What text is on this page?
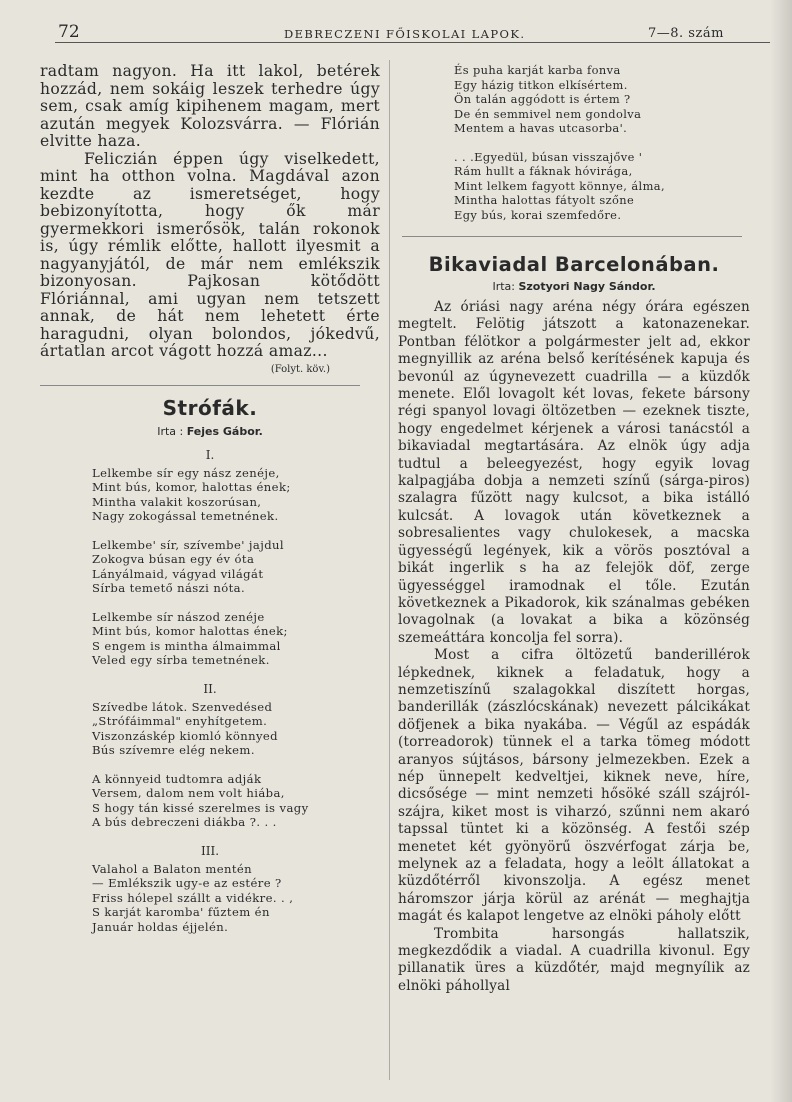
72	DEBRECZENI FŐISKOLAI LAPOK.	7—8. szám

radtam nagyon. Ha itt lakol, betérek hozzád, nem sokáig leszek terhedre úgy sem, csak amíg kipihenem magam, mert azután megyek Kolozsvárra. — Flórián elvitte haza.

Feliczián éppen úgy viselkedett, mint ha otthon volna. Magdával azon kezdte az ismeretséget, hogy bebizonyította, hogy ők már gyermekkori ismerősök, talán rokonok is, úgy rémlik előtte, hallott ilyesmit a nagyanyjától, de már nem emlékszik bizonyosan. Pajkosan kötődött Flóriánnal, ami ugyan nem tetszett annak, de hát nem lehetett érte haragudni, olyan bolondos, jókedvű, ártatlan arcot vágott hozzá amaz...

(Folyt. köv.)
Strófák.
Irta : Fejes Gábor.
I.
Lelkembe sír egy nász zenéje,
Mint bús, komor, halottas ének;
Mintha valakit koszorúsan,
Nagy zokogással temetnének.
Lelkembe' sír, szívembe' jajdul
Zokogva búsan egy év óta
Lányálmaid, vágyad világát
Sírba temető nászi nóta.
Lelkembe sír nászod zenéje
Mint bús, komor halottas ének;
S engem is mintha álmaimmal
Veled egy sírba temetnének.
II.
Szívedbe látok. Szenvedésed
„Strófáimmal" enyhítgetem.
Viszonzáskép kiomló könnyed
Bús szívemre elég nekem.
A könnyeid tudtomra adják
Versem, dalom nem volt hiába,
S hogy tán kissé szerelmes is vagy
A bús debreczeni diákba ?. . .
III.
Valahol a Balaton mentén
— Emlékszik ugy-e az estére ?
Friss hólepel szállt a vidékre. . ,
S karját karomba' fűztem én
Január holdas éjjelén.
És puha karját karba fonva
Egy házig titkon elkísértem.
Ön talán aggódott is értem ?
De én semmivel nem gondolva
Mentem a havas utcasorba'.
. . .Egyedül, búsan visszajőve '
Rám hullt a fáknak hóvirága,
Mint lelkem fagyott könnye, álma,
Mintha halottas fátyolt szőne
Egy bús, korai szemfedőre.
Bikaviadal Barcelonában.
Irta: Szotyori Nagy Sándor.

Az óriási nagy aréna négy órára egészen megtelt. Felötig játszott a katonazenekar. Pontban félötkor a polgármester jelt ad, ekkor megnyillik az aréna belső kerítésének kapuja és bevonúl az úgynevezett cuadrilla — a küzdők menete. Elől lovagolt két lovas, fekete bársony régi spanyol lovagi öltözetben — ezeknek tiszte, hogy engedelmet kérjenek a városi tanácstól a bikaviadal megtartására. Az elnök úgy adja tudtul a beleegyezést, hogy egyik lovag kalpagjába dobja a nemzeti színű (sárga-piros) szalagra fűzött nagy kulcsot, a bika istálló kulcsát. A lovagok után következnek a sobresalientes vagy chulokesek, a macska ügyességű legények, kik a vörös posztóval a bikát ingerlik s ha az felejök döf, zerge ügyességgel iramodnak el tőle. Ezután következnek a Pikadorok, kik szánalmas gebéken lovagolnak (a lovakat a bika a közönség szemeáttára koncolja fel sorra).

Most a cifra öltözetű banderillérok lépkednek, kiknek a feladatuk, hogy a nemzetiszínű szalagokkal diszített horgas, banderillák (zászlócskának) nevezett pálcikákat döfjenek a bika nyakába. — Végűl az espádák (torreadorok) tünnek el a tarka tömeg módott aranyos sújtásos, bársony jelmezekben. Ezek a nép ünnepelt kedveltjei, kiknek neve, híre, dicsősége — mint nemzeti hősöké száll szájról-szájra, kiket most is viharzó, szűnni nem akaró tapssal tüntet ki a közönség. A festői szép menetet két gyönyörű öszvérfogat zárja be, melynek az a feladata, hogy a leölt állatokat a küzdőtérről kivonszolja. A egész menet háromszor járja körül az arénát — meghajtja magát és kalapot lengetve az elnöki páholy előtt

Trombita harsongás hallatszik, megkezdődik a viadal. A cuadrilla kivonul. Egy pillanatik üres a küzdőtér, majd megnyílik az elnöki páhollyal
